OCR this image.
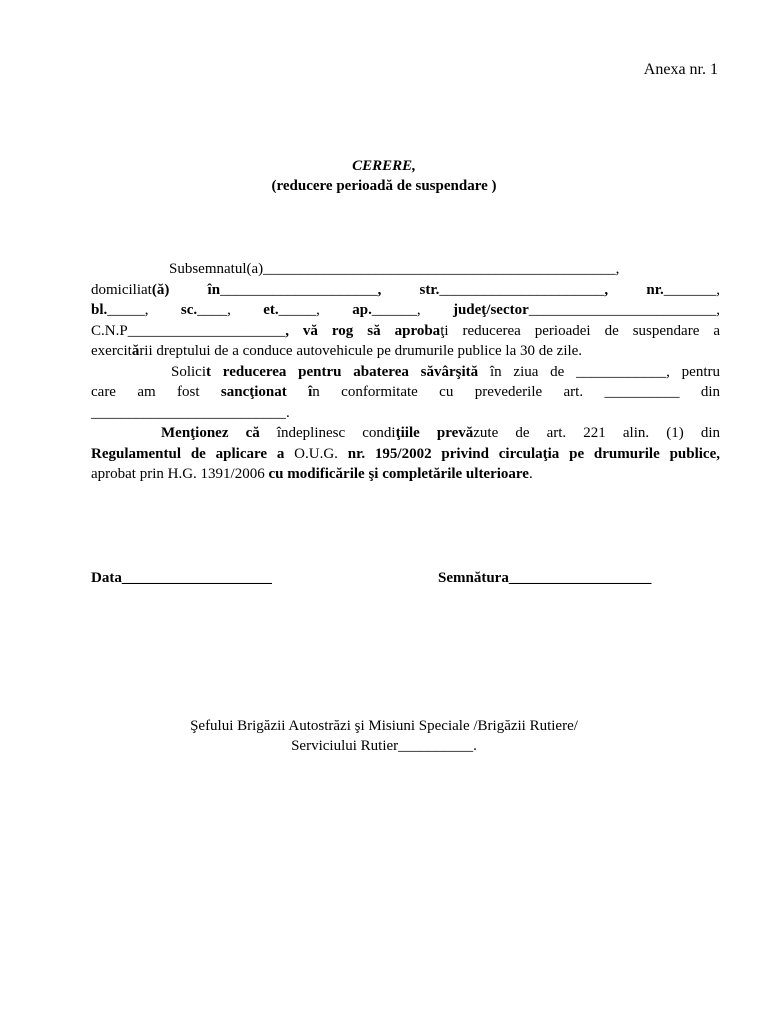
Anexa nr. 1
CERERE,
(reducere perioadă de suspendare )
Subsemnatul(a)_______________________________________________,
domiciliat(ă) în_____________________, str.______________________, nr._______,
bl._____, sc.____, et._____, ap.______, judeţ/sector_________________________,
C.N.P_____________________, vă rog să aprobaţi reducerea perioadei de suspendare a
exercitării dreptului de a conduce autovehicule pe drumurile publice la 30 de zile.
Solicit reducerea pentru abaterea săvârşită în ziua de ____________, pentru
care am fost sancţionat în conformitate cu prevederile art. __________ din
__________________________.
Menţionez că îndeplinesc condiţiile prevăzute de art. 221 alin. (1) din
Regulamentul de aplicare a O.U.G. nr. 195/2002 privind circulaţia pe drumurile publice,
aprobat prin H.G. 1391/2006 cu modificările şi completările ulterioare.
Data____________________	Semnătura___________________
Şefului Brigăzii Autostrăzi şi Misiuni Speciale /Brigăzii Rutiere/
Serviciului Rutier__________.
